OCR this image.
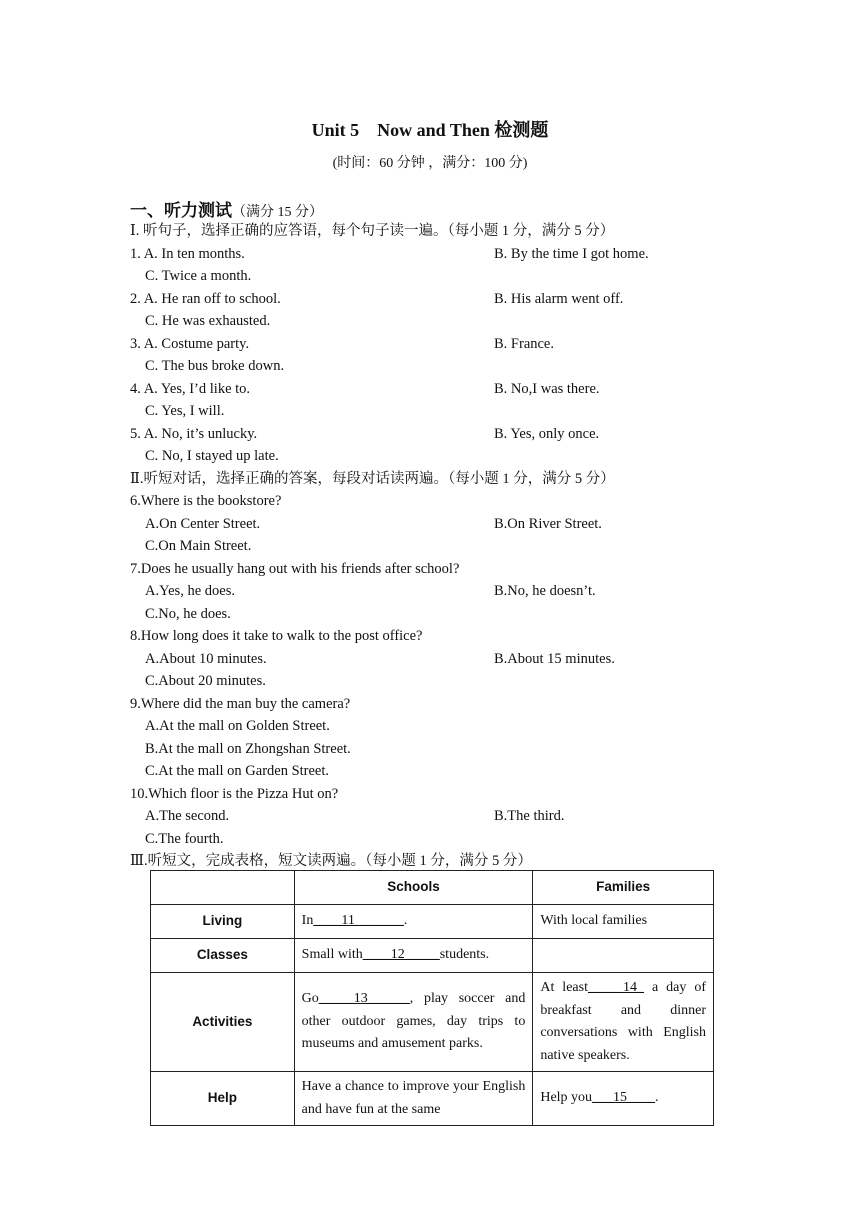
Unit 5　Now and Then 检测题
(时间：60 分钟 ，满分：100 分)
一、听力测试（满分 15 分）
Ⅰ. 听句子，选择正确的应答语，每个句子读一遍。（每小题 1 分，满分 5 分）
1. A. In ten months.	B. By the time I got home.
C. Twice a month.
2. A. He ran off to school.	B. His alarm went off.
C. He was exhausted.
3. A. Costume party.	B. France.
C. The bus broke down.
4. A. Yes, I’d like to.	B. No,I was there.
C. Yes, I will.
5. A. No, it’s unlucky.	B. Yes, only once.
C. No, I stayed up late.
Ⅱ.听短对话，选择正确的答案，每段对话读两遍。（每小题 1 分，满分 5 分）
6.Where is the bookstore?
A.On Center Street.	B.On River Street.
C.On Main Street.
7.Does he usually hang out with his friends after school?
A.Yes, he does.	B.No, he doesn’t.
C.No, he does.
8.How long does it take to walk to the post office?
A.About 10 minutes.	B.About 15 minutes.
C.About 20 minutes.
9.Where did the man buy the camera?
A.At the mall on Golden Street.
B.At the mall on Zhongshan Street.
C.At the mall on Garden Street.
10.Which floor is the Pizza Hut on?
A.The second.	B.The third.
C.The fourth.
Ⅲ.听短文，完成表格，短文读两遍。（每小题 1 分，满分 5 分）
	Schools	Families
Living	In____11_______.	With local families
Classes	Small with____12_____students.	
Activities	Go_____13______, play soccer and other outdoor games, day trips to museums and amusement parks.	At least_____14_ a day of breakfast and dinner conversations with English native speakers.
Help	Have a chance to improve your English and have fun at the same	Help you___15____.
